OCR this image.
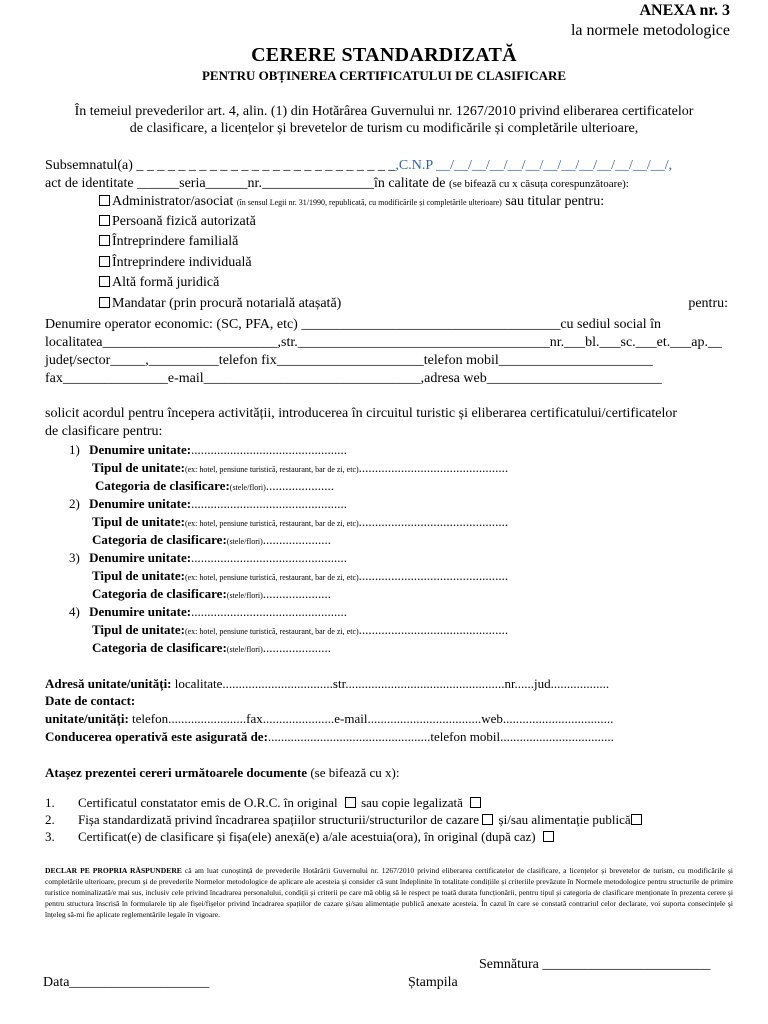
ANEXA nr. 3
la normele metodologice
CERERE STANDARDIZATĂ
PENTRU OBȚINEREA CERTIFICATULUI DE CLASIFICARE
În temeiul prevederilor art. 4, alin. (1) din Hotărârea Guvernului nr. 1267/2010 privind eliberarea certificatelor
de clasificare, a licențelor și brevetelor de turism cu modificările și completările ulterioare,
Subsemnatul(a) _ _ _ _ _ _ _ _ _ _ _ _ _ _ _ _ _ _ _ _ _ _ _ _ _,C.N.P __/__/__/__/__/__/__/__/__/__/__/__/__/,
act de identitate ______seria______nr.________________în calitate de (se bifează cu x căsuța corespunzătoare):
Administrator/asociat (în sensul Legii nr. 31/1990, republicată, cu modificările și completările ulterioare) sau titular pentru:
Persoană fizică autorizată
Întreprindere familială
Întreprindere individuală
Altă formă juridică
Mandatar (prin procură notarială atașată)	pentru:
Denumire operator economic: (SC, PFA, etc) _____________________________________cu sediul social în
localitatea_________________________,str.____________________________________nr.___bl.___sc.___et.___ap.__
județ/sector_____,__________telefon fix_____________________telefon mobil______________________
fax_______________e-mail_______________________________,adresa web_________________________
solicit acordul pentru începera activității, introducerea în circuitul turistic și eliberarea certificatului/certificatelor
de clasificare pentru:
1) Denumire unitate:................................................
Tipul de unitate:(ex: hotel, pensiune turistică, restaurant, bar de zi, etc)..............................................
Categoria de clasificare:(stele/flori).....................
2) Denumire unitate:................................................
Tipul de unitate:(ex: hotel, pensiune turistică, restaurant, bar de zi, etc)..............................................
Categoria de clasificare:(stele/flori).....................
3) Denumire unitate:................................................
Tipul de unitate:(ex: hotel, pensiune turistică, restaurant, bar de zi, etc)..............................................
Categoria de clasificare:(stele/flori).....................
4) Denumire unitate:................................................
Tipul de unitate:(ex: hotel, pensiune turistică, restaurant, bar de zi, etc)..............................................
Categoria de clasificare:(stele/flori).....................
Adresă unitate/unități: localitate..................................str.................................................nr......jud..................
Date de contact:
unitate/unități: telefon........................fax......................e-mail...................................web..................................
Conducerea operativă este asigurată de:..................................................telefon mobil...................................
Atașez prezentei cereri următoarele documente (se bifează cu x):
1. Certificatul constatator emis de O.R.C. în original  sau copie legalizată
2. Fișa standardizată privind încadrarea spațiilor structurii/structurilor de cazare  și/sau alimentație publică
3. Certificat(e) de clasificare și fișa(ele) anexă(e) a/ale acestuia(ora), în original (după caz)
DECLAR PE PROPRIA RĂSPUNDERE că am luat cunoștință de prevederile Hotărârii Guvernului nr. 1267/2010 privind eliberarea certificatelor de clasificare, a licențelor și brevetelor de turism, cu modificările și completările ulterioare, precum și de prevederile Normelor metodologice de aplicare ale acesteia și consider că sunt îndeplinite în totalitate condițiile și criteriile prevăzute în Normele metodologice pentru structurile de primire turistice nominalizată/e mai sus, inclusiv cele privind încadrarea personalului, condiții și criterii pe care mă oblig să le respect pe toată durata funcționării, pentru tipul și categoria de clasificare menționate în prezenta cerere și pentru structura înscrisă în formularele tip ale fișei/fișelor privind încadrarea spațiilor de cazare și/sau alimentație publică anexate acesteia. În cazul în care se constată contrariul celor declarate, voi suporta consecințele și înțeleg să-mi fie aplicate reglementările legale în vigoare.
Semnătura ________________________
Data____________________	Ștampila
